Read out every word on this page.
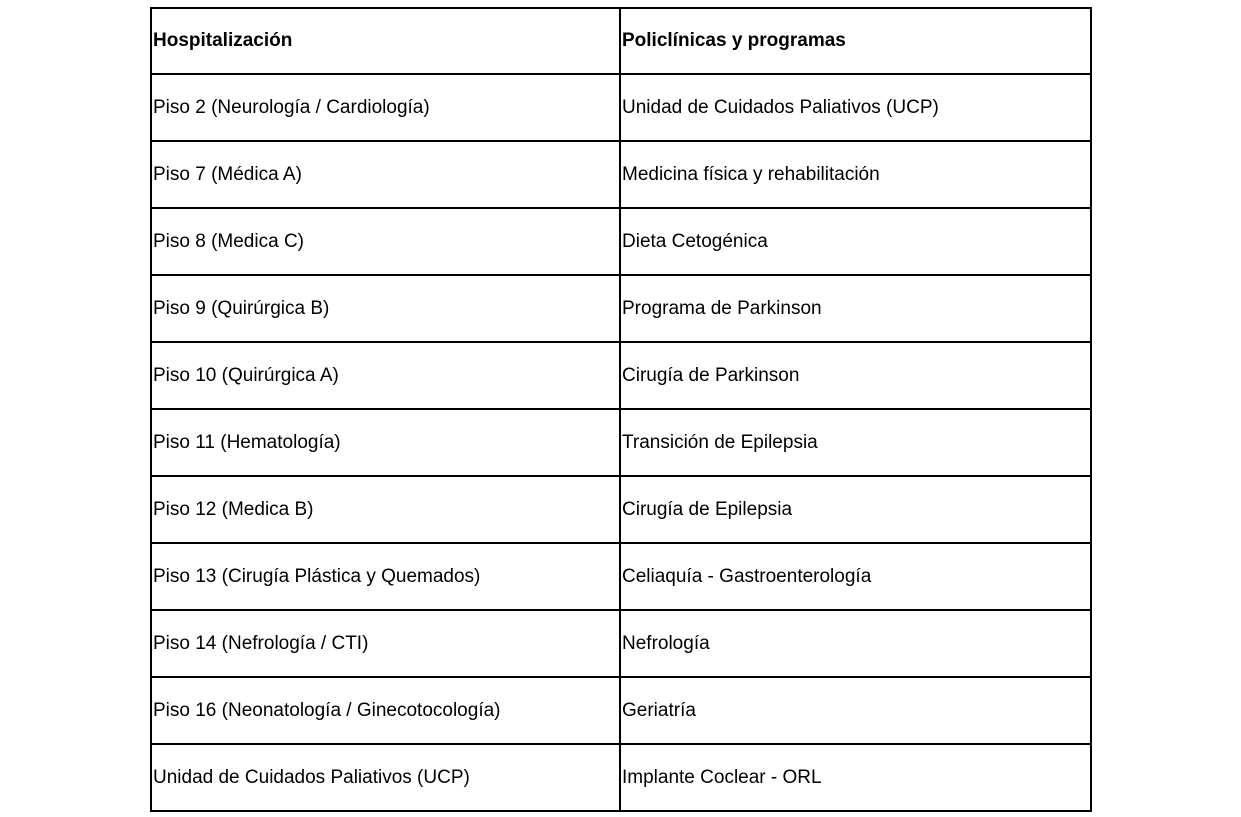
Hospitalización	Policlínicas y programas
Piso 2 (Neurología / Cardiología)	Unidad de Cuidados Paliativos (UCP)
Piso 7 (Médica A)	Medicina física y rehabilitación
Piso 8 (Medica C)	Dieta Cetogénica
Piso 9 (Quirúrgica B)	Programa de Parkinson
Piso 10 (Quirúrgica A)	Cirugía de Parkinson
Piso 11 (Hematología)	Transición de Epilepsia
Piso 12 (Medica B)	Cirugía de Epilepsia
Piso 13 (Cirugía Plástica y Quemados)	Celiaquía - Gastroenterología
Piso 14 (Nefrología / CTI)	Nefrología
Piso 16 (Neonatología / Ginecotocología)	Geriatría
Unidad de Cuidados Paliativos (UCP)	Implante Coclear - ORL
